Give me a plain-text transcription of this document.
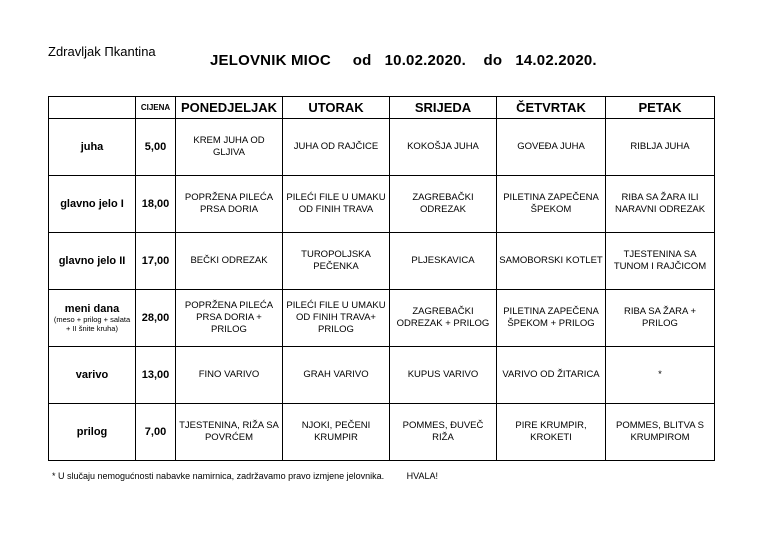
Zdravljak Πkantina
JELOVNIK MIOC     od   10.02.2020.    do   14.02.2020.
	CIJENA	PONEDJELJAK	UTORAK	SRIJEDA	ČETVRTAK	PETAK
juha	5,00	KREM JUHA OD GLJIVA	JUHA OD RAJČICE	KOKOŠJA JUHA	GOVEĐA JUHA	RIBLJA JUHA
glavno jelo I	18,00	POPRŽENA PILEĆA PRSA DORIA	PILEĆI FILE U UMAKU OD FINIH TRAVA	ZAGREBAČKI ODREZAK	PILETINA ZAPEČENA ŠPEKOM	RIBA SA ŽARA ILI NARAVNI ODREZAK
glavno jelo II	17,00	BEČKI ODREZAK	TUROPOLJSKA PEČENKA	PLJESKAVICA	SAMOBORSKI KOTLET	TJESTENINA SA TUNOM I RAJČICOM
meni dana
(meso + prilog + salata + II šnite kruha)	28,00	POPRŽENA PILEĆA PRSA DORIA + PRILOG	PILEĆI FILE U UMAKU OD FINIH TRAVA+ PRILOG	ZAGREBAČKI ODREZAK + PRILOG	PILETINA ZAPEČENA ŠPEKOM + PRILOG	RIBA SA ŽARA + PRILOG
varivo	13,00	FINO VARIVO	GRAH VARIVO	KUPUS VARIVO	VARIVO OD ŽITARICA	*
prilog	7,00	TJESTENINA, RIŽA SA POVRĆEM	NJOKI, PEČENI KRUMPIR	POMMES, ĐUVEČ RIŽA	PIRE KRUMPIR, KROKETI	POMMES, BLITVA S KRUMPIROM
* U slučaju nemogućnosti nabavke namirnica, zadržavamo pravo izmjene jelovnika.         HVALA!
